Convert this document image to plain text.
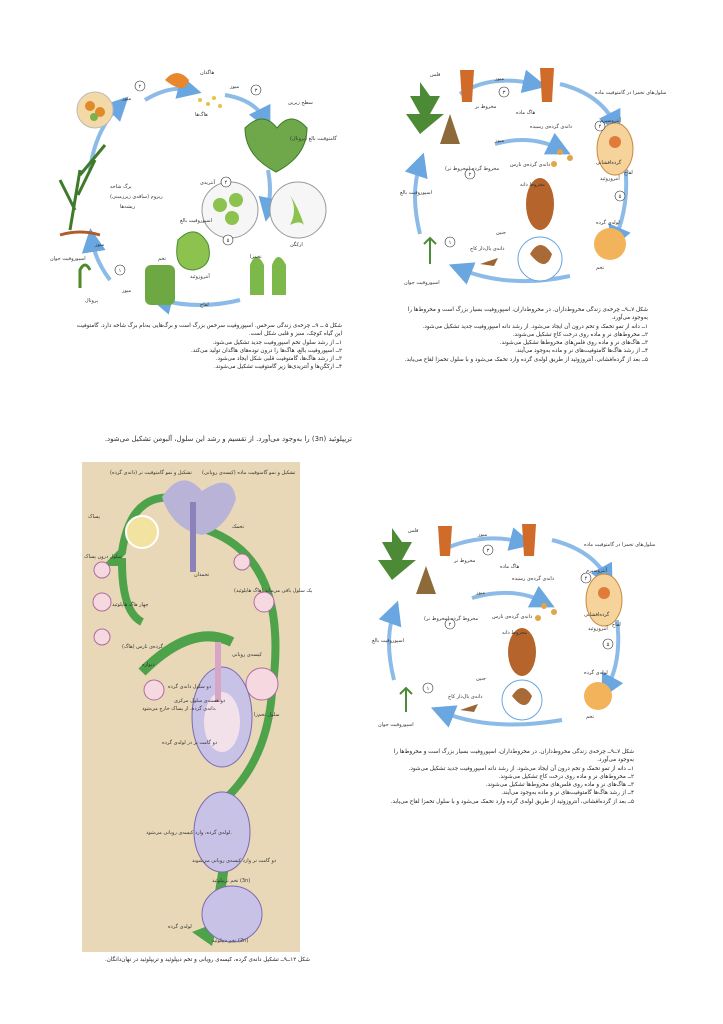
۲
۳
۴
۵
۱
هاگدان
هاگ‌ها
میوز
میوز
سطح زیرین
گامتوفیت بالغ (پروتال)
آنتریدی
ارکگن
برگ شاخه
ریزوم (ساقه‌ی زیرزمینی)
ریشه‌ها
اسپوروفیت بالغ
آنتروزوئید
تخمزا
لقاح
تخم
میوز
اسپوروفیت جوان
پروتال
میوز

شکل ۵ ــ ۹ــ چرخه‌ی زندگی سرخس. اسپوروفیت سرخس بزرگ است و برگ‌هایی به‌نام برگ شاخه دارد. گامتوفیت

این گیاه کوچک، سبز و قلبی شکل است.

۱ــ از رشد سلول تخم اسپوروفیت جدید تشکیل می‌شود.

۲ــ اسپوروفیت بالغ، هاگ‌ها را درون توده‌های هاگدان تولید می‌کند.

۳ــ از رشد هاگ‌ها، گامتوفیت قلبی شکل ایجاد می‌شود.

۴ــ ارکگن‌ها و آنتریدی‌ها زیر گامتوفیت تشکیل می‌شوند.

۳
۲
۴
۵
۱
فلس
میوز
مخروط نر
هاگ ماده
سلول‌های تخمزا در گامتوفیت ماده
آنتروسپرم
آنتروزوئید
دانه‌ی گرده‌ی رسیده
میوز
مخروط گرده (مخروط نر)
دانه‌ی گرده‌ی نارس	گرده‌افشانی
اسپوروفیت بالغ
مخروط دانه
لقاح
لوله‌ی گرده
تخم
دانه‌ی بال‌دار کاج
جنین
اسپوروفیت جوان

شکل ۷ــ۹ــ چرخه‌ی زندگی مخروط‌داران. در مخروط‌داران، اسپوروفیت بسیار بزرگ است و مخروط‌ها را

به‌وجود می‌آورد.

۱ــ دانه از تمو تخمک و تخم درون آن ایجاد می‌شود. از رشد دانه اسپوروفیت جدید تشکیل می‌شود.

۲ــ مخروط‌های نر و ماده روی درخت کاج تشکیل می‌شوند.

۳ــ هاگ‌های نر و ماده روی فلس‌های مخروط‌ها تشکیل می‌شوند.

۴ــ از رشد هاگ‌ها گامتوفیت‌های نر و ماده به‌وجود می‌آیند.

۵ــ بعد از گرده‌افشانی، آنتروزوئید از طریق لوله‌ی گرده وارد تخمک می‌شود و با سلول تخمزا لقاح می‌یابد.

تریپلوئید (3n) را به‌وجود می‌آورد. از تقسیم و رشد این سلول، آلبومن تشکیل می‌شود.
تشکیل و نمو گامتوفیت نر (دانه‌ی گرده) تشکیل و نمو گامتوفیت ماده (کیسه‌ی رویانی)
پساک
تخمک
تخمدان
سلول درون پساک
چهار هاگ هاپلوئید
یک سلول باقی می‌ماند (هاگ هاپلوئید)
گرده‌ی نارس (هاگ)
دیواره
دو سلول دانه‌ی گرده
دانه‌ی گرده، از پساک خارج می‌شود.
کیسه‌ی رویانی
دو هسته‌ی سلول مرکزی
سلول تخم‌زا
دو گامت نر در لوله‌ی گرده
لوله‌ی گرده، وارد کیسه‌ی رویانی می‌شود.
دو گامت نر وارد کیسه‌ی رویانی می‌شوند
تخم تریپلوئید (3n)
تخم دیپلوئید (2n)
لوله‌ی گرده

شکل ۱۲ــ۹ــ تشکیل دانه‌ی گرده، کیسه‌ی رویانی و تخم دیپلوئید و تریپلوئید در نهان‌دانگان.

۳
۲
۴
۵
۱
فلس
میوز
مخروط نر
هاگ ماده
سلول‌های تخمزا در گامتوفیت ماده
آنتروسپرم
آنتروزوئید
دانه‌ی گرده‌ی رسیده
میوز
مخروط گرده (مخروط نر)	دانه‌ی گرده‌ی نارس	گرده‌افشانی
اسپوروفیت بالغ
مخروط دانه
لقاح
لوله‌ی گرده
تخم
دانه‌ی بال‌دار کاج
جنین
اسپوروفیت جوان

شکل ۷ــ۹ــ چرخه‌ی زندگی مخروط‌داران. در مخروط‌داران، اسپوروفیت بسیار بزرگ است و مخروط‌ها را

به‌وجود می‌آورد.

۱ــ دانه از تمو تخمک و تخم درون آن ایجاد می‌شود. از رشد دانه اسپوروفیت جدید تشکیل می‌شود.

۲ــ مخروط‌های نر و ماده روی درخت کاج تشکیل می‌شوند.

۳ــ هاگ‌های نر و ماده روی فلس‌های مخروط‌ها تشکیل می‌شوند.

۴ــ از رشد هاگ‌ها گامتوفیت‌های نر و ماده به‌وجود می‌آیند.

۵ــ بعد از گرده‌افشانی، آنتروزوئید از طریق لوله‌ی گرده وارد تخمک می‌شود و با سلول تخمزا لقاح می‌یابد.
